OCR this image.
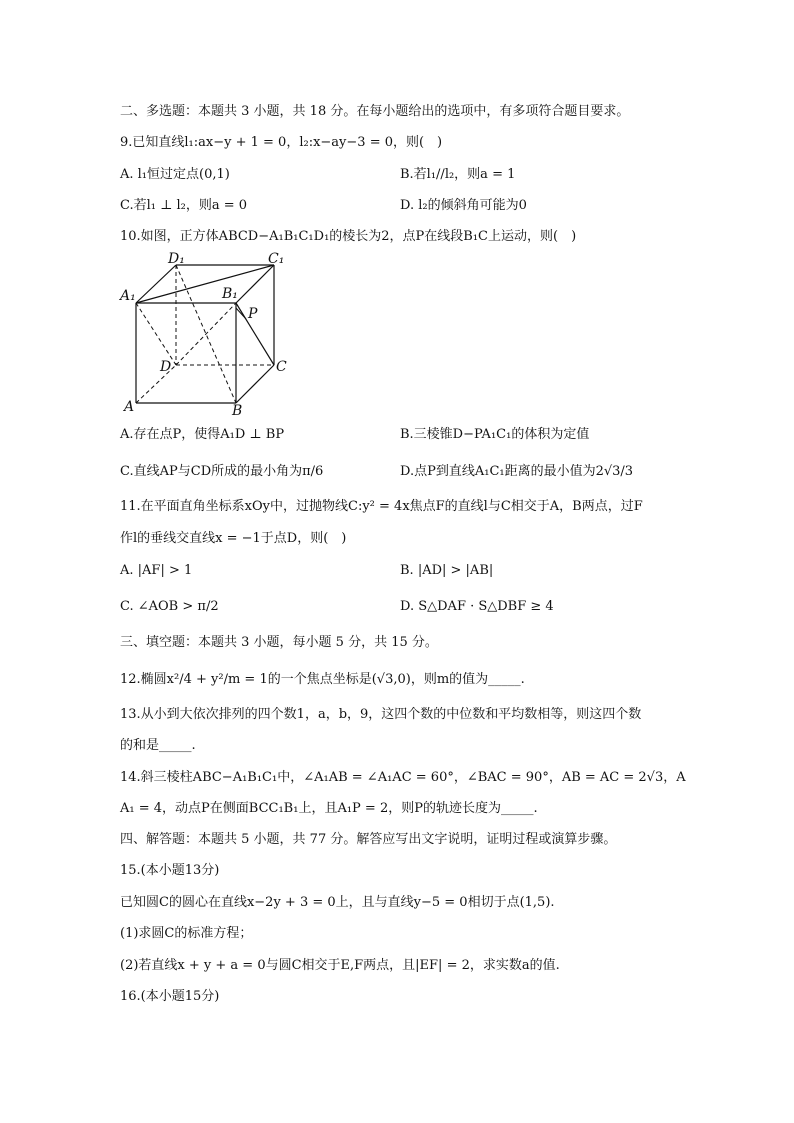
二、多选题：本题共 3 小题，共 18 分。在每小题给出的选项中，有多项符合题目要求。
9.已知直线l₁:ax−y + 1 = 0，l₂:x−ay−3 = 0，则(　)
A. l₁恒过定点(0,1)	B.若l₁//l₂，则a = 1
C.若l₁ ⊥ l₂，则a = 0	D. l₂的倾斜角可能为0
10.如图，正方体ABCD−A₁B₁C₁D₁的棱长为2，点P在线段B₁C上运动，则(　)
D₁	C₁
A₁	B₁
P
D	C
A	B
A.存在点P，使得A₁D ⊥ BP	B.三棱锥D−PA₁C₁的体积为定值
C.直线AP与CD所成的最小角为π/6	D.点P到直线A₁C₁距离的最小值为2√3/3
11.在平面直角坐标系xOy中，过抛物线C:y² = 4x焦点F的直线l与C相交于A，B两点，过F
作l的垂线交直线x = −1于点D，则(　)
A. |AF| > 1	B. |AD| > |AB|
C. ∠AOB > π/2	D. S△DAF · S△DBF ≥ 4
三、填空题：本题共 3 小题，每小题 5 分，共 15 分。
12.椭圆x²/4 + y²/m = 1的一个焦点坐标是(√3,0)，则m的值为_____.
13.从小到大依次排列的四个数1，a，b，9，这四个数的中位数和平均数相等，则这四个数
的和是_____.
14.斜三棱柱ABC−A₁B₁C₁中，∠A₁AB = ∠A₁AC = 60°，∠BAC = 90°，AB = AC = 2√3，A
A₁ = 4，动点P在侧面BCC₁B₁上，且A₁P = 2，则P的轨迹长度为_____.
四、解答题：本题共 5 小题，共 77 分。解答应写出文字说明，证明过程或演算步骤。
15.(本小题13分)
已知圆C的圆心在直线x−2y + 3 = 0上，且与直线y−5 = 0相切于点(1,5).
(1)求圆C的标准方程；
(2)若直线x + y + a = 0与圆C相交于E,F两点，且|EF| = 2，求实数a的值.
16.(本小题15分)
